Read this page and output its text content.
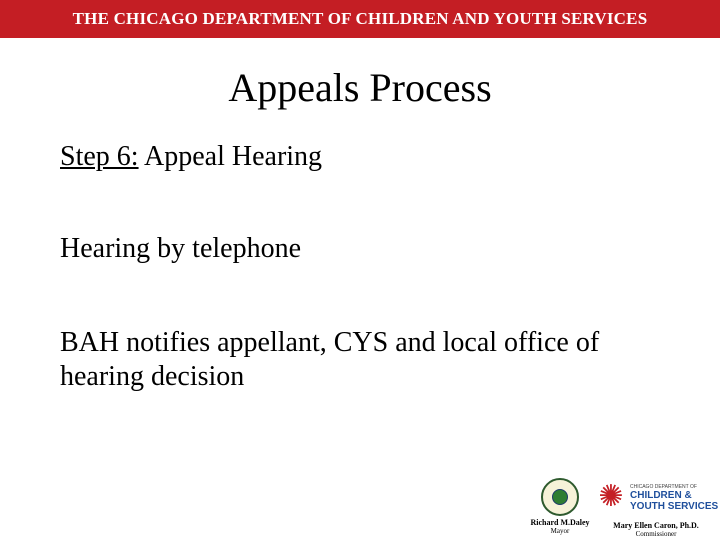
THE CHICAGO DEPARTMENT OF CHILDREN AND YOUTH SERVICES
Appeals Process
Step 6: Appeal Hearing
Hearing by telephone
BAH notifies appellant, CYS and local office of hearing decision
Richard M.Daley
Mayor
✺	CHICAGO DEPARTMENT OF
CHILDREN &
YOUTH SERVICES
Mary Ellen Caron, Ph.D.
Commissioner
